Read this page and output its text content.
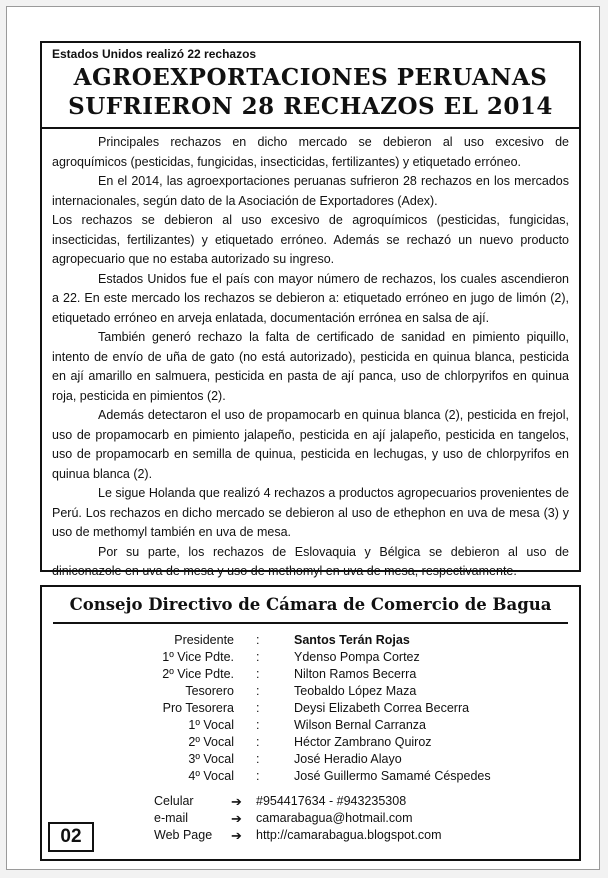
Estados Unidos realizó 22 rechazos
AGROEXPORTACIONES PERUANAS
SUFRIERON 28 RECHAZOS EL 2014

Principales rechazos en dicho mercado se debieron al uso excesivo de agroquímicos (pesticidas, fungicidas, insecticidas, fertilizantes) y etiquetado erróneo.

En el 2014, las agroexportaciones peruanas sufrieron 28 rechazos en los mercados internacionales, según dato de la Asociación de Exportadores (Adex).

Los rechazos se debieron al uso excesivo de agroquímicos (pesticidas, fungicidas, insecticidas, fertilizantes) y etiquetado erróneo. Además se rechazó un nuevo producto agropecuario que no estaba autorizado su ingreso.

Estados Unidos fue el país con mayor número de rechazos, los cuales ascendieron a 22. En este mercado los rechazos se debieron a: etiquetado erróneo en jugo de limón (2), etiquetado erróneo en arveja enlatada, documentación errónea en salsa de ají.

También generó rechazo la falta de certificado de sanidad en pimiento piquillo, intento de envío de uña de gato (no está autorizado), pesticida en quinua blanca, pesticida en ají amarillo en salmuera, pesticida en pasta de ají panca, uso de chlorpyrifos en quinua roja, pesticida en pimientos (2).

Además detectaron el uso de propamocarb en quinua blanca (2), pesticida en frejol, uso de propamocarb en pimiento jalapeño, pesticida en ají jalapeño, pesticida en tangelos, uso de propamocarb en semilla de quinua, pesticida en lechugas, y uso de chlorpyrifos en quinua blanca (2).

Le sigue Holanda que realizó 4 rechazos a productos agropecuarios provenientes de Perú. Los rechazos en dicho mercado se debieron al uso de ethephon en uva de mesa (3) y uso de methomyl también en uva de mesa.

Por su parte, los rechazos de Eslovaquia y Bélgica se debieron al uso de diniconazole en uva de mesa y uso de methomyl en uva de mesa, respectivamente.

Consejo Directivo de Cámara de Comercio de Bagua
Presidente :	Santos Terán Rojas
1º Vice Pdte. :	Ydenso Pompa Cortez
2º Vice Pdte. :	Nilton Ramos Becerra
Tesorero :	Teobaldo López Maza
Pro Tesorera :	Deysi Elizabeth Correa Becerra
1º Vocal :	Wilson Bernal Carranza
2º Vocal :	Héctor Zambrano Quiroz
3º Vocal :	José Heradio Alayo
4º Vocal :	José Guillermo Samamé Céspedes
Celular	➔ #954417634 - #943235308
e-mail	➔ camarabagua@hotmail.com
Web Page ➔ http://camarabagua.blogspot.com
02
